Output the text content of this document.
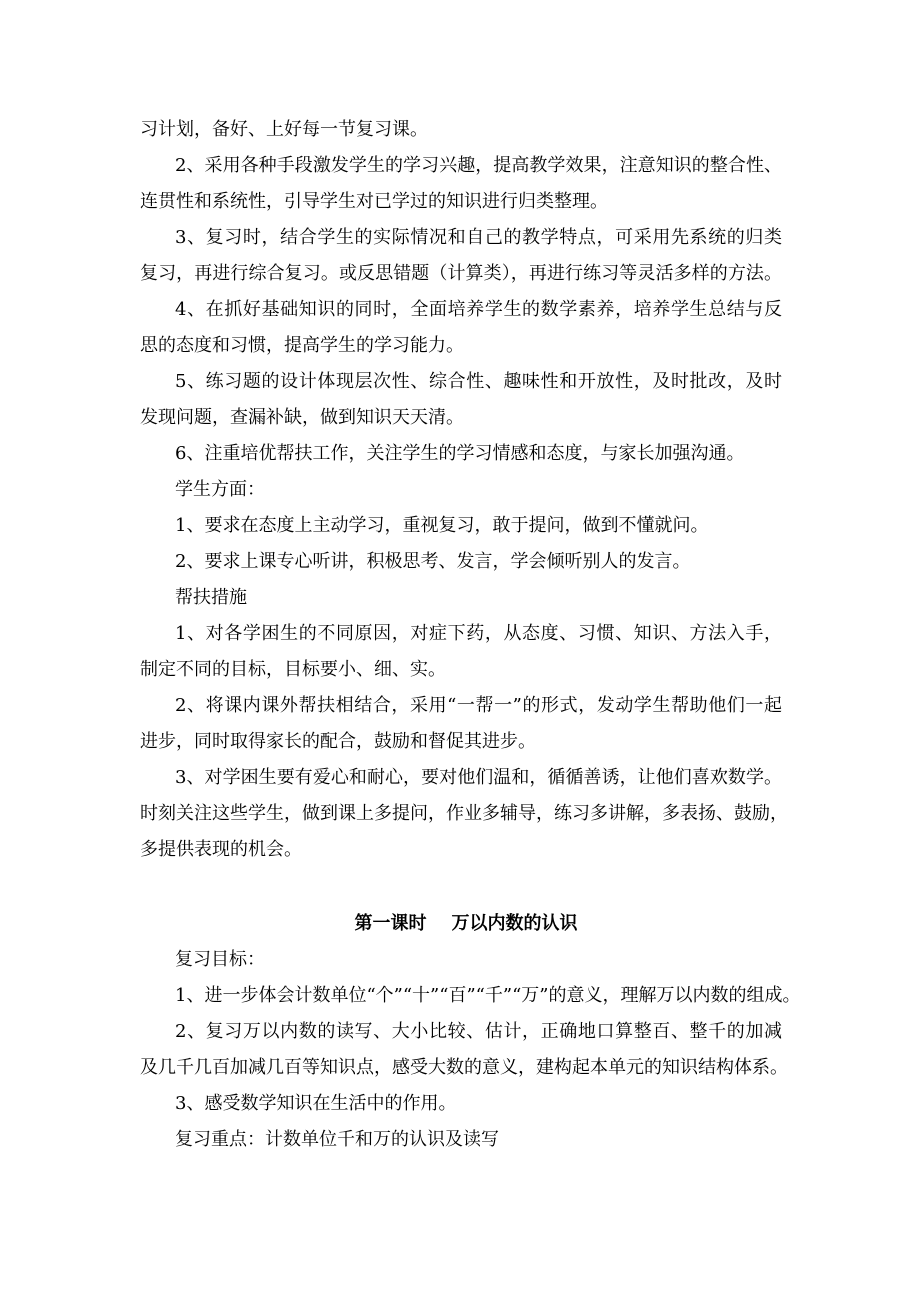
习计划，备好、上好每一节复习课。
2、采用各种手段激发学生的学习兴趣，提高教学效果，注意知识的整合性、
连贯性和系统性，引导学生对已学过的知识进行归类整理。
3、复习时，结合学生的实际情况和自己的教学特点，可采用先系统的归类
复习，再进行综合复习。或反思错题（计算类），再进行练习等灵活多样的方法。
4、在抓好基础知识的同时，全面培养学生的数学素养，培养学生总结与反
思的态度和习惯，提高学生的学习能力。
5、练习题的设计体现层次性、综合性、趣味性和开放性，及时批改，及时
发现问题，查漏补缺，做到知识天天清。
6、注重培优帮扶工作，关注学生的学习情感和态度，与家长加强沟通。
学生方面：
1、要求在态度上主动学习，重视复习，敢于提问，做到不懂就问。
2、要求上课专心听讲，积极思考、发言，学会倾听别人的发言。
帮扶措施
1、对各学困生的不同原因，对症下药，从态度、习惯、知识、方法入手，
制定不同的目标，目标要小、细、实。
2、将课内课外帮扶相结合，采用“一帮一”的形式，发动学生帮助他们一起
进步，同时取得家长的配合，鼓励和督促其进步。
3、对学困生要有爱心和耐心，要对他们温和，循循善诱，让他们喜欢数学。
时刻关注这些学生，做到课上多提问，作业多辅导，练习多讲解，多表扬、鼓励，
多提供表现的机会。
第一课时    万以内数的认识
复习目标：
1、进一步体会计数单位“个”“十”“百”“千”“万”的意义，理解万以内数的组成。
2、复习万以内数的读写、大小比较、估计，正确地口算整百、整千的加减
及几千几百加减几百等知识点，感受大数的意义，建构起本单元的知识结构体系。
3、感受数学知识在生活中的作用。
复习重点：计数单位千和万的认识及读写
